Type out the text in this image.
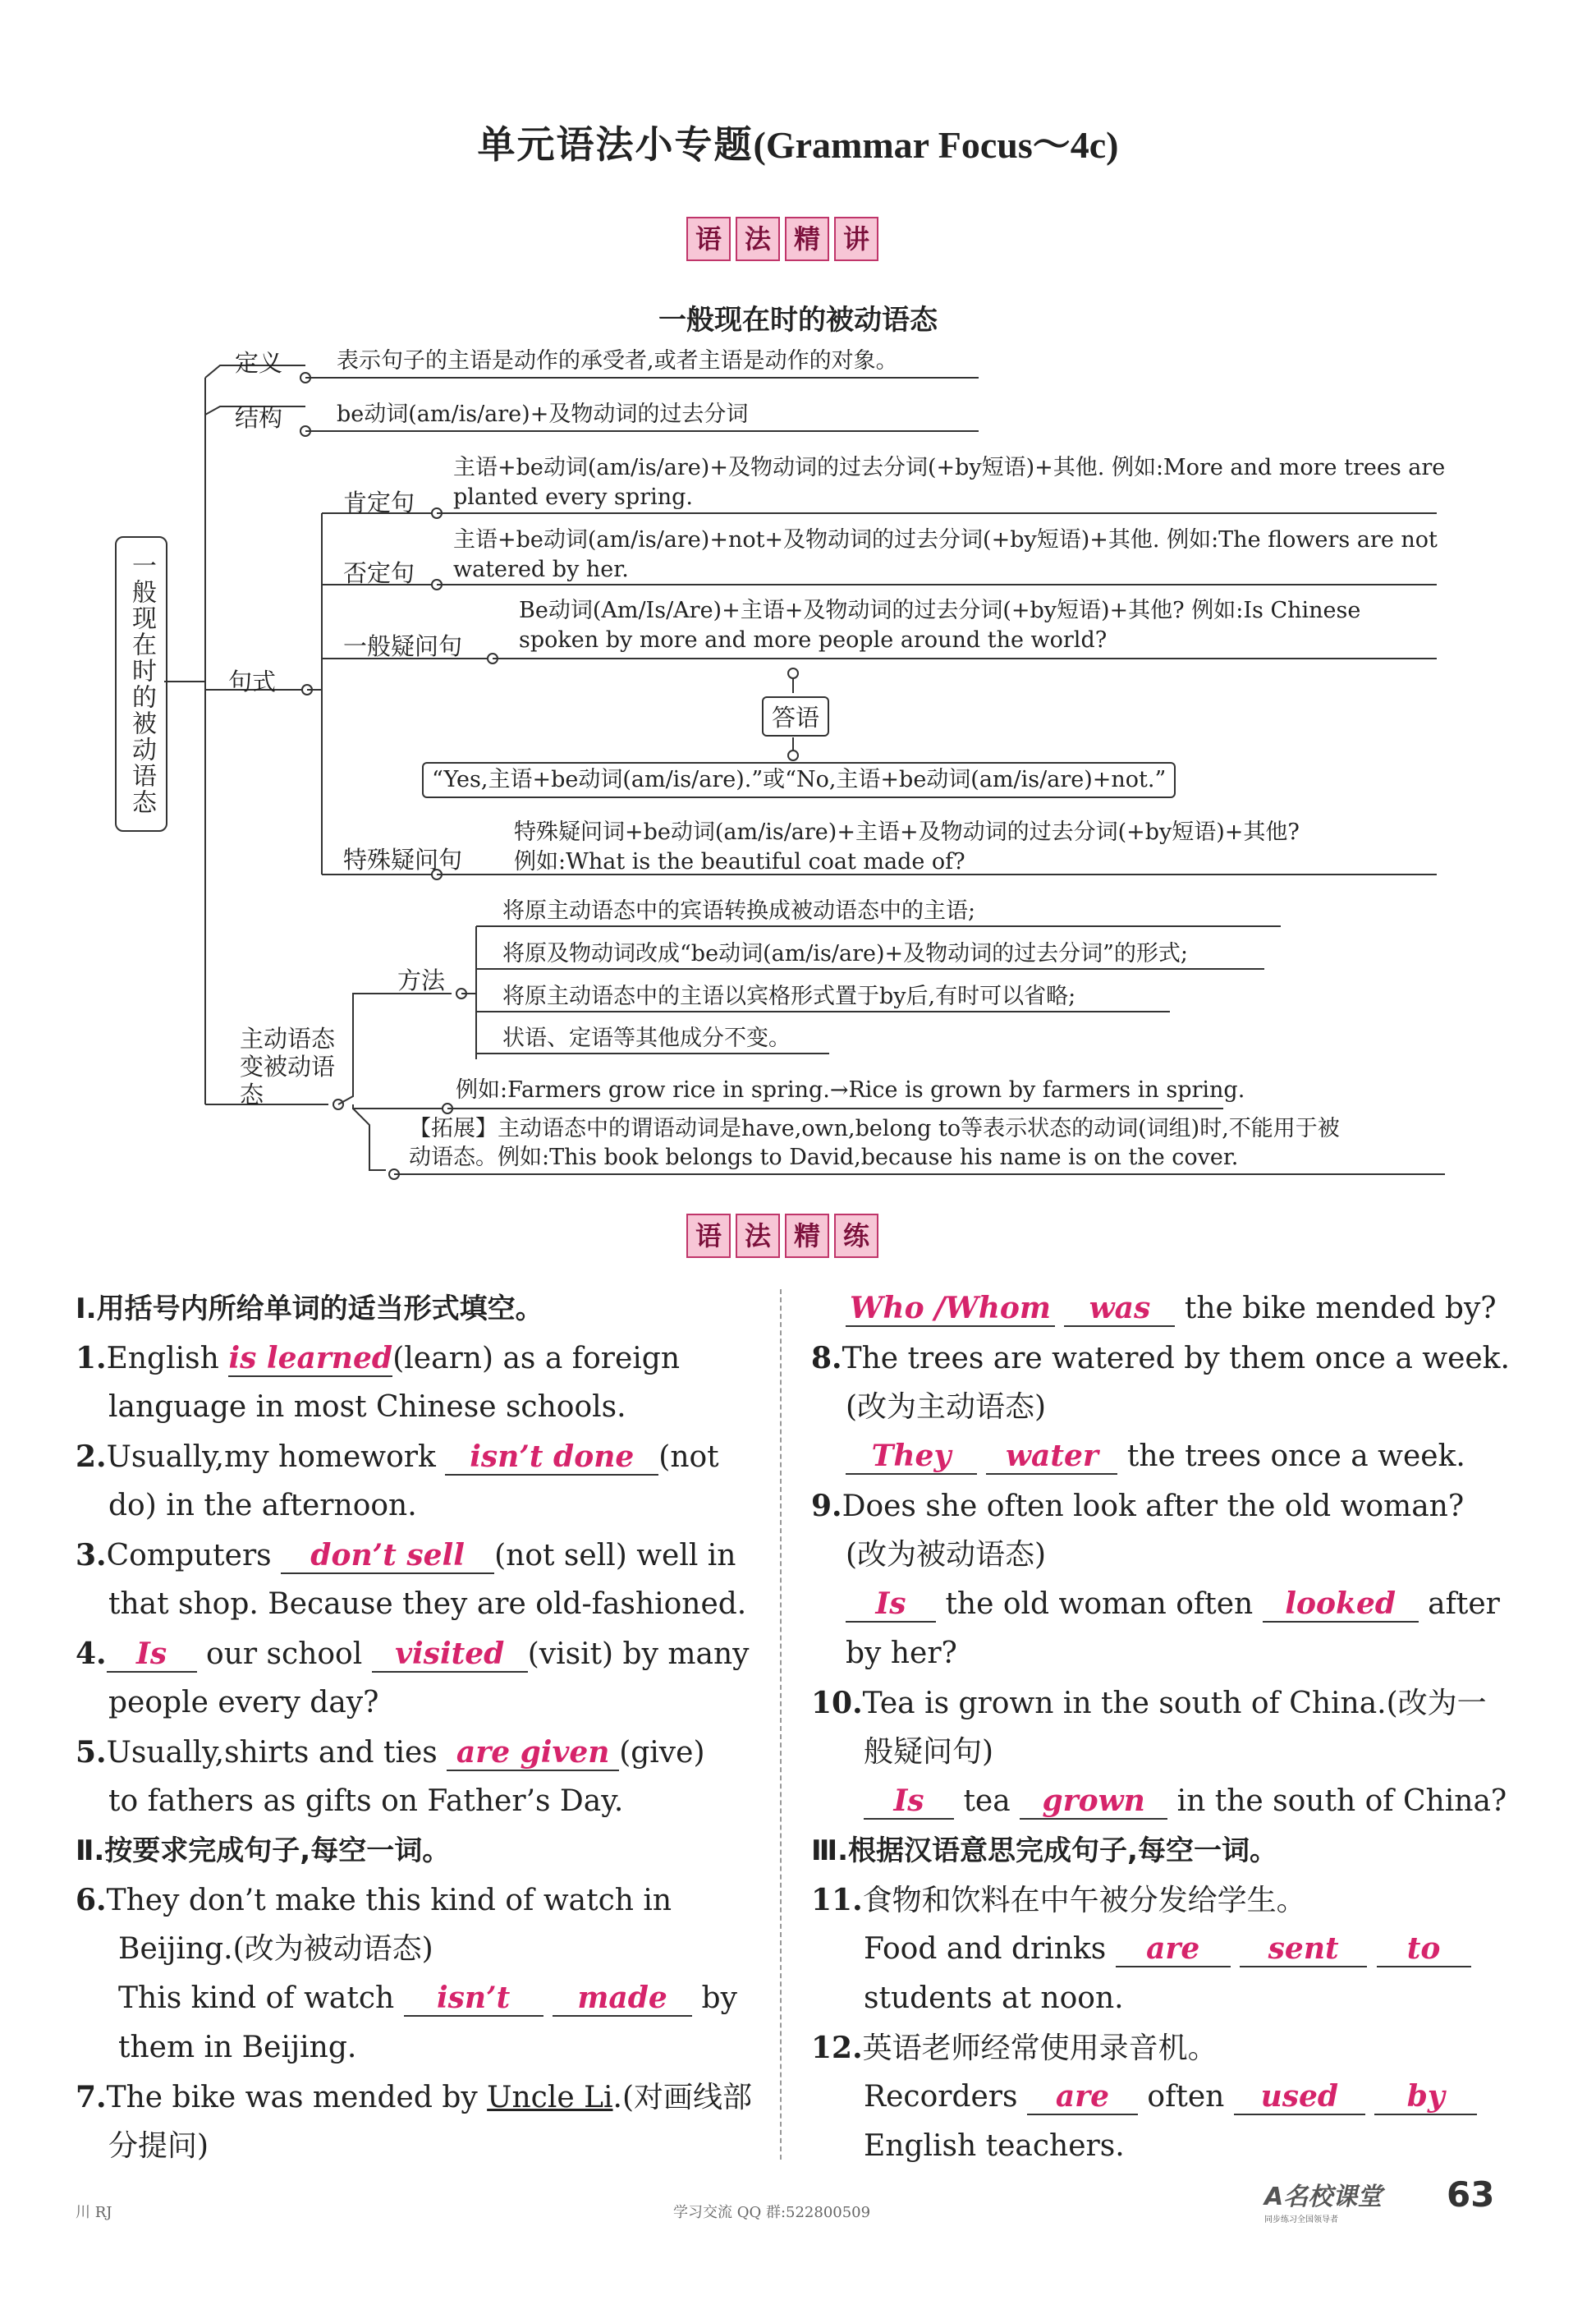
单元语法小专题(Grammar Focus～4c)
语 法 精 讲
一般现在时的被动语态
一般现在时的被动语态
定义 表示句子的主语是动作的承受者,或者主语是动作的对象。
结构 be动词(am/is/are)+及物动词的过去分词
句式
肯定句
主语+be动词(am/is/are)+及物动词的过去分词(+by短语)+其他. 例如:More and more trees are planted every spring.
否定句
主语+be动词(am/is/are)+not+及物动词的过去分词(+by短语)+其他. 例如:The flowers are not watered by her.
一般疑问句
Be动词(Am/Is/Are)+主语+及物动词的过去分词(+by短语)+其他? 例如:Is Chinese spoken by more and more people around the world?
答语
“Yes,主语+be动词(am/is/are).”或“No,主语+be动词(am/is/are)+not.”
特殊疑问句
特殊疑问词+be动词(am/is/are)+主语+及物动词的过去分词(+by短语)+其他?
例如:What is the beautiful coat made of?
主动语态变被动语态
方法
将原主动语态中的宾语转换成被动语态中的主语;
将原及物动词改成“be动词(am/is/are)+及物动词的过去分词”的形式;
将原主动语态中的主语以宾格形式置于by后,有时可以省略;
状语、定语等其他成分不变。
例如:Farmers grow rice in spring.→Rice is grown by farmers in spring.
【拓展】主动语态中的谓语动词是have,own,belong to等表示状态的动词(词组)时,不能用于被
动语态。例如:This book belongs to David,because his name is on the cover.
语 法 精 练
Ⅰ.用括号内所给单词的适当形式填空。
1.English is learned(learn) as a foreign
language in most Chinese schools.
2.Usually,my homework isn’t done (not
do) in the afternoon.
3.Computers don’t sell (not sell) well in
that shop. Because they are old-fashioned.
4. Is our school visited (visit) by many
people every day?
5.Usually,shirts and ties are given (give)
to fathers as gifts on Father’s Day.
Ⅱ.按要求完成句子,每空一词。
6.They don’t make this kind of watch in
Beijing.(改为被动语态)
This kind of watch isn’t made by
them in Beijing.
7.The bike was mended by Uncle Li.(对画线部
分提问)
Who /Whom was the bike mended by?
8.The trees are watered by them once a week.
(改为主动语态)
They water the trees once a week.
9.Does she often look after the old woman?
(改为被动语态)
Is the old woman often looked after
by her?
10.Tea is grown in the south of China.(改为一
般疑问句)
Is tea grown in the south of China?
Ⅲ.根据汉语意思完成句子,每空一词。
11.食物和饮料在中午被分发给学生。
Food and drinks are sent to
students at noon.
12.英语老师经常使用录音机。
Recorders are often used by
English teachers.
川 RJ	学习交流 QQ 群:522800509
A名校课堂
同步练习全国领导者
63
